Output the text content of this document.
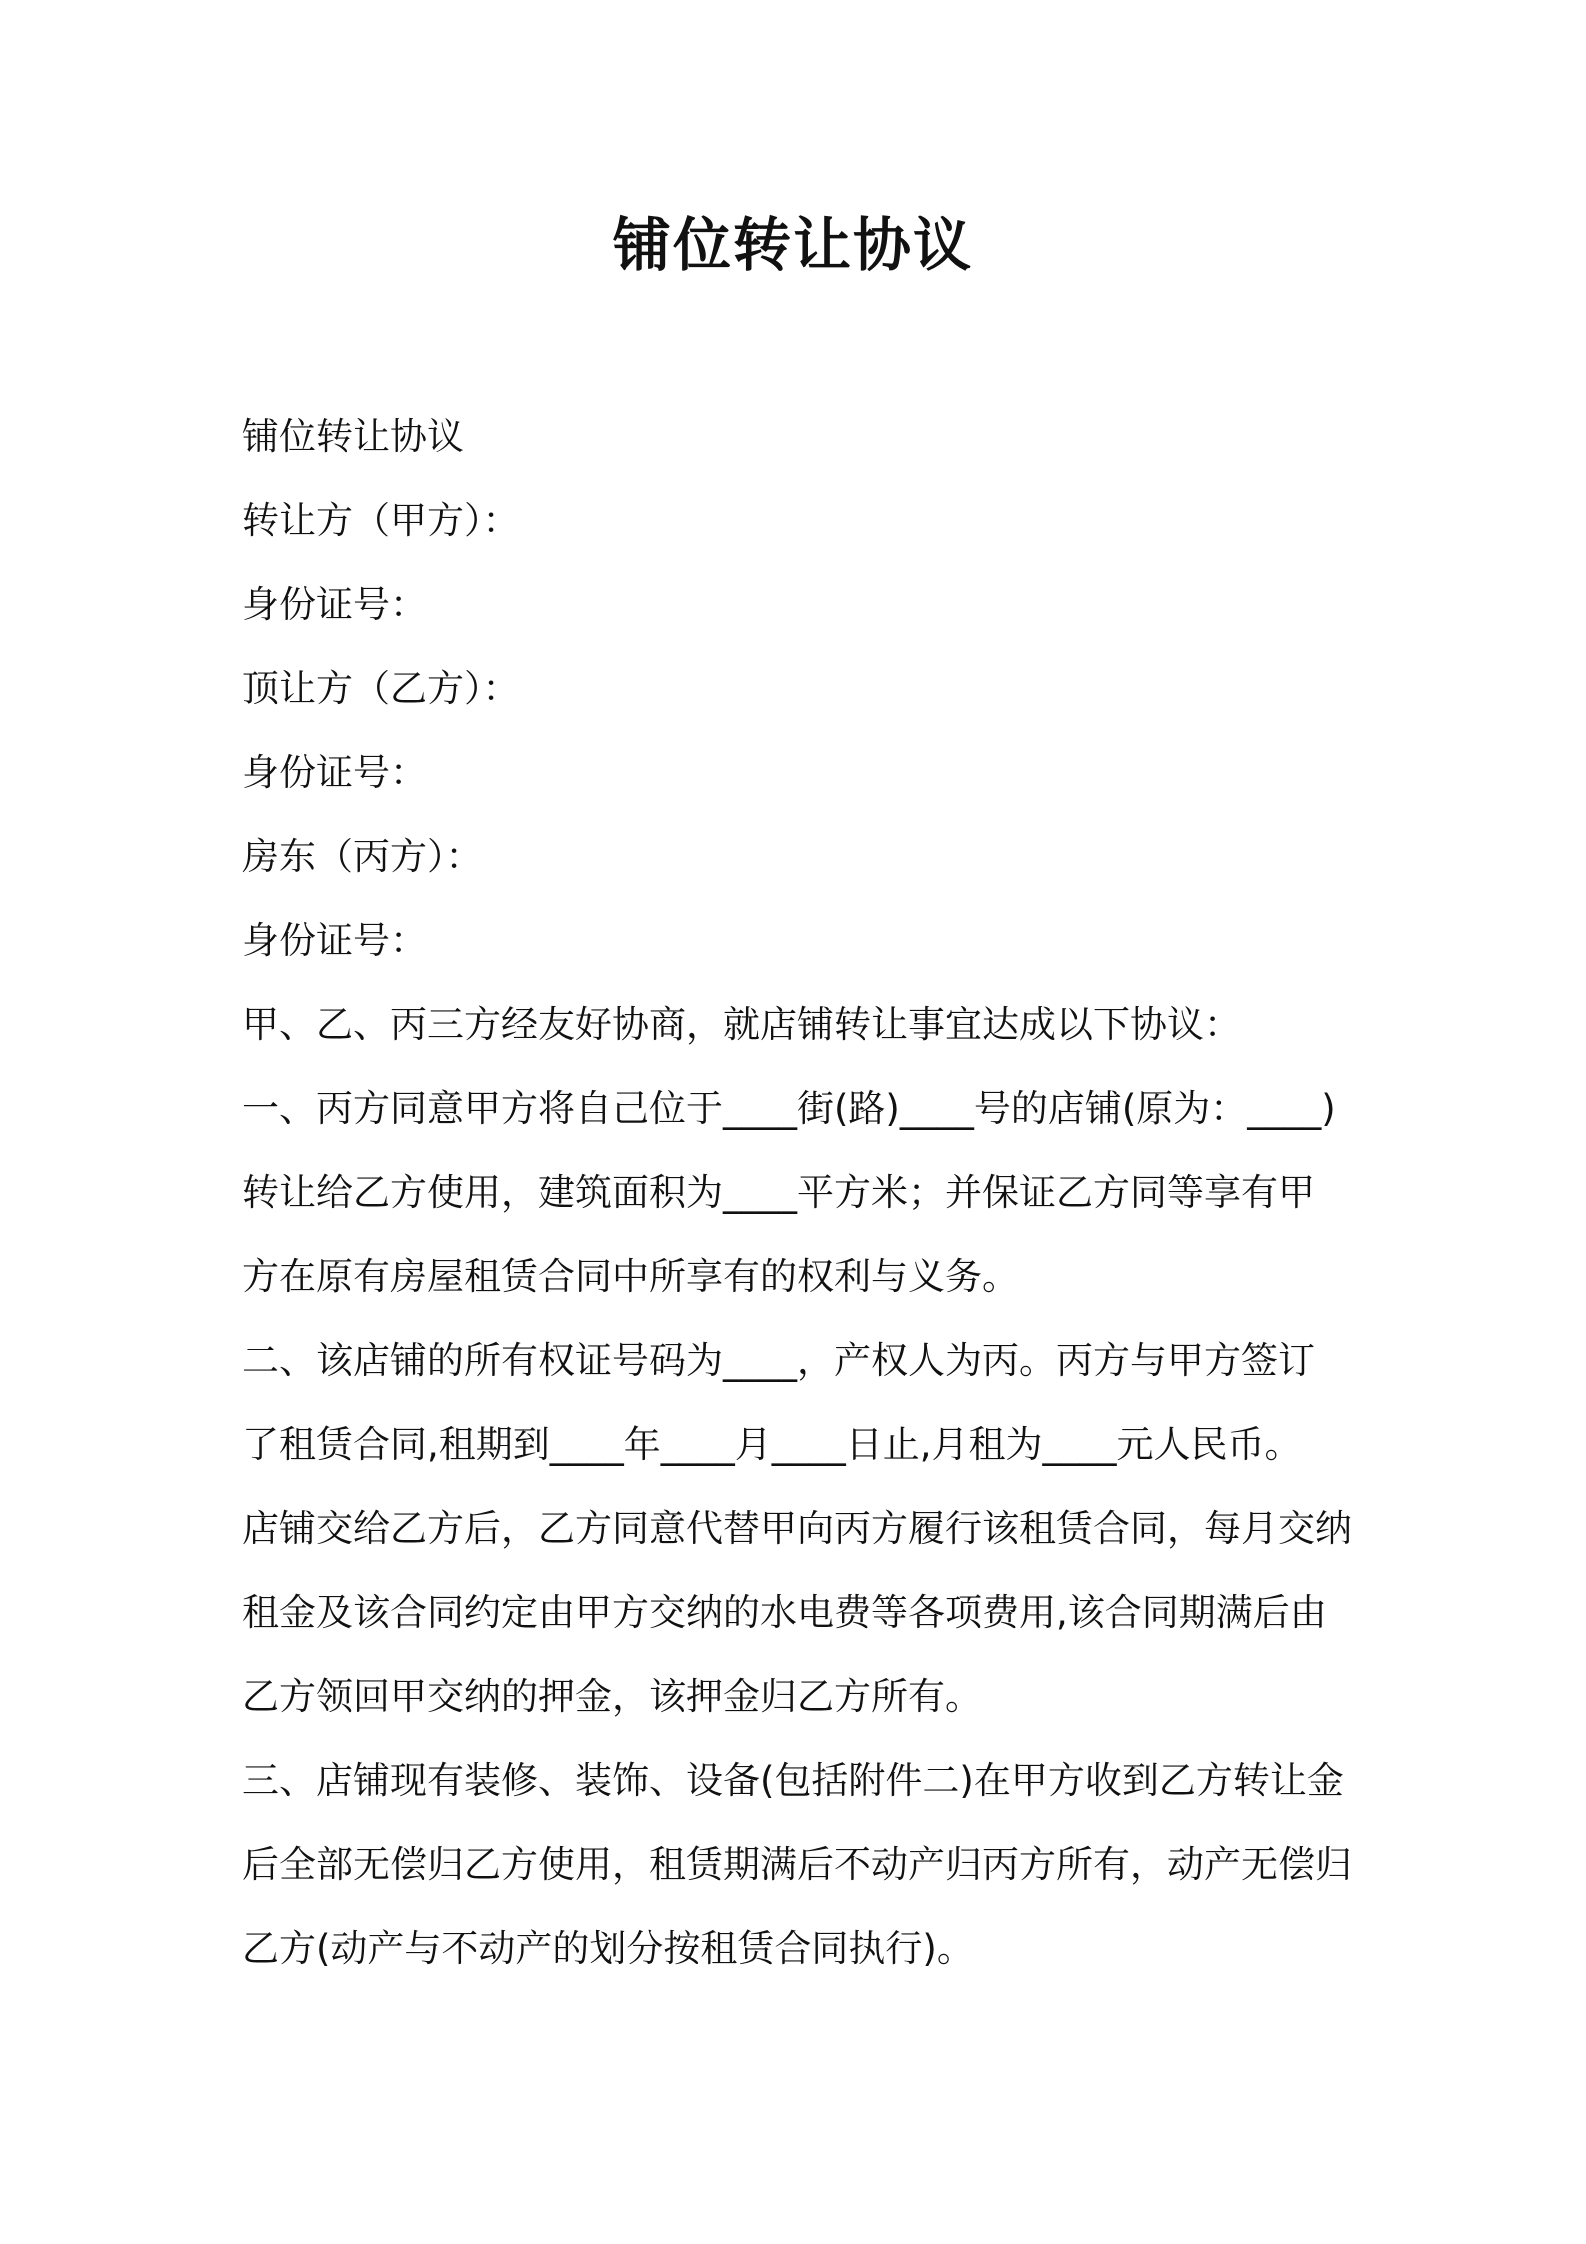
铺位转让协议

铺位转让协议

转让方（甲方）：

身份证号：

顶让方（乙方）：

身份证号：

房东（丙方）：

身份证号：

甲、乙、丙三方经友好协商，就店铺转让事宜达成以下协议：

一、丙方同意甲方将自己位于____街(路)____号的店铺(原为：____)
转让给乙方使用，建筑面积为____平方米；并保证乙方同等享有甲
方在原有房屋租赁合同中所享有的权利与义务。
二、该店铺的所有权证号码为____，产权人为丙。丙方与甲方签订
了租赁合同,租期到____年____月____日止,月租为____元人民币。
店铺交给乙方后，乙方同意代替甲向丙方履行该租赁合同，每月交纳
租金及该合同约定由甲方交纳的水电费等各项费用,该合同期满后由
乙方领回甲交纳的押金，该押金归乙方所有。
三、店铺现有装修、装饰、设备(包括附件二)在甲方收到乙方转让金
后全部无偿归乙方使用，租赁期满后不动产归丙方所有，动产无偿归
乙方(动产与不动产的划分按租赁合同执行)。
